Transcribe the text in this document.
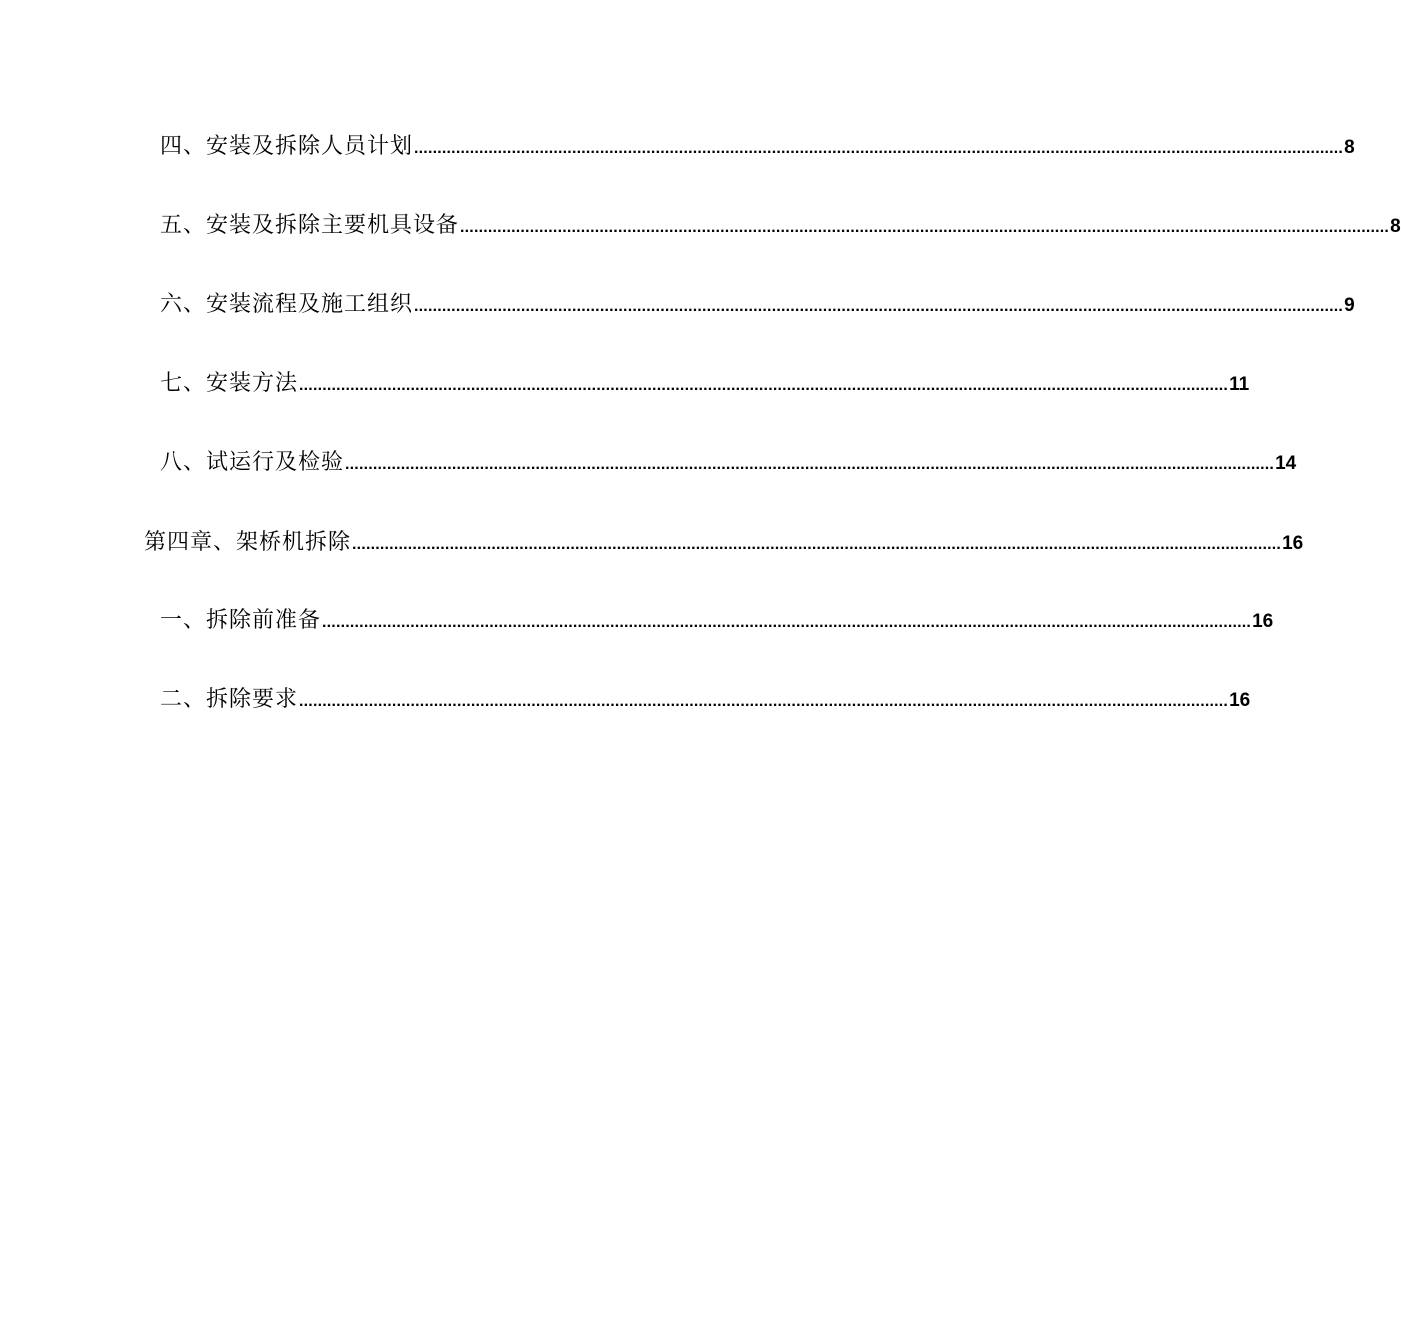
四、安装及拆除人员计划 ........................................................................................................................................................................................................ 8
五、安装及拆除主要机具设备 ........................................................................................................................................................................................................ 8
六、安装流程及施工组织 ........................................................................................................................................................................................................ 9
七、安装方法 ........................................................................................................................................................................................................ 11
八、试运行及检验 ........................................................................................................................................................................................................ 14
第四章、架桥机拆除 ........................................................................................................................................................................................................ 16
一、拆除前准备 ........................................................................................................................................................................................................ 16
二、拆除要求 ........................................................................................................................................................................................................ 16
